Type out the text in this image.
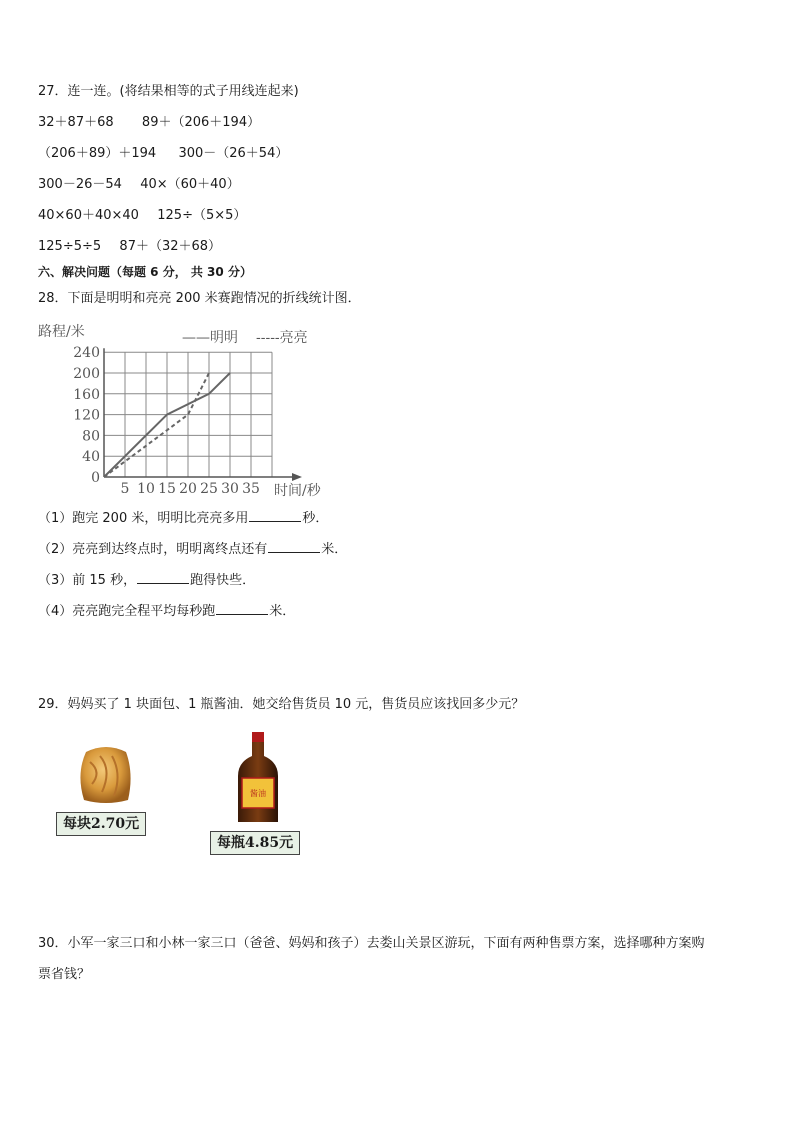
27．连一连。(将结果相等的式子用线连起来)
32＋87＋68 89＋（206＋194）
（206＋89）＋194 300－（26＋54）
300－26－54 40×（60＋40）
40×60＋40×40 125÷（5×5）
125÷5÷5 87＋（32＋68）
六、解决问题（每题 6 分， 共 30 分）
28．下面是明明和亮亮 200 米赛跑情况的折线统计图．
5 10 15 20 25 30 35
0
40
80
120
160
200
240
路程/米
时间/秒
——明明 -----亮亮
（1）跑完 200 米，明明比亮亮多用	秒．
（2）亮亮到达终点时，明明离终点还有	米．
（3）前 15 秒，	跑得快些．
（4）亮亮跑完全程平均每秒跑	米．
29．妈妈买了 1 块面包、1 瓶酱油．她交给售货员 10 元，售货员应该找回多少元？
每块2.70元
酱油
每瓶4.85元
30．小军一家三口和小林一家三口（爸爸、妈妈和孩子）去娄山关景区游玩，下面有两种售票方案，选择哪种方案购
票省钱？
